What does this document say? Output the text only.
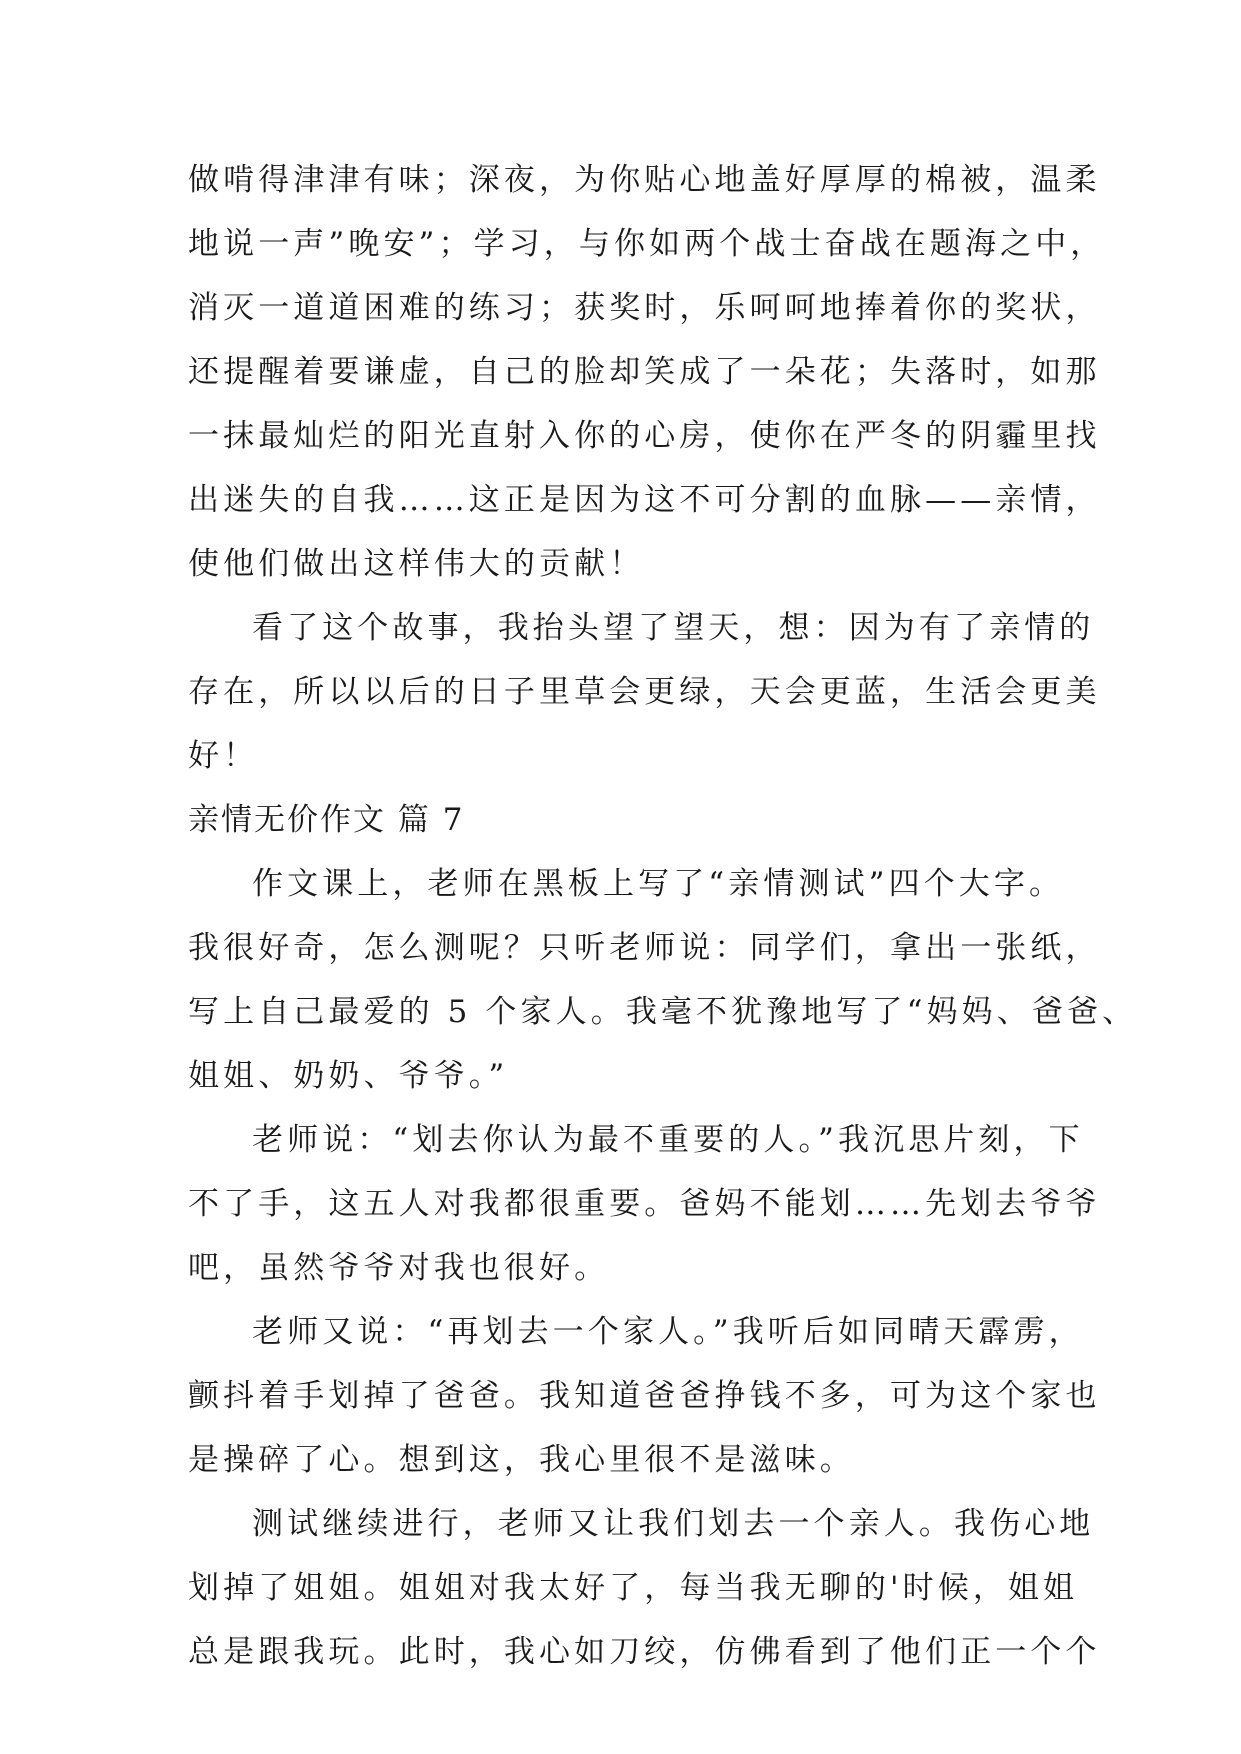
做啃得津津有味；深夜，为你贴心地盖好厚厚的棉被，温柔
地说一声”晚安”；学习，与你如两个战士奋战在题海之中，
消灭一道道困难的练习；获奖时，乐呵呵地捧着你的奖状，
还提醒着要谦虚，自己的脸却笑成了一朵花；失落时，如那
一抹最灿烂的阳光直射入你的心房，使你在严冬的阴霾里找
出迷失的自我……这正是因为这不可分割的血脉——亲情，
使他们做出这样伟大的贡献！
看了这个故事，我抬头望了望天，想：因为有了亲情的
存在，所以以后的日子里草会更绿，天会更蓝，生活会更美
好！
亲情无价作文 篇 7
作文课上，老师在黑板上写了“亲情测试”四个大字。
我很好奇，怎么测呢？只听老师说：同学们，拿出一张纸，
写上自己最爱的 5 个家人。我毫不犹豫地写了“妈妈、爸爸、
姐姐、奶奶、爷爷。”
老师说：“划去你认为最不重要的人。”我沉思片刻，下
不了手，这五人对我都很重要。爸妈不能划……先划去爷爷
吧，虽然爷爷对我也很好。
老师又说：“再划去一个家人。”我听后如同晴天霹雳，
颤抖着手划掉了爸爸。我知道爸爸挣钱不多，可为这个家也
是操碎了心。想到这，我心里很不是滋味。
测试继续进行，老师又让我们划去一个亲人。我伤心地
划掉了姐姐。姐姐对我太好了，每当我无聊的'时候，姐姐
总是跟我玩。此时，我心如刀绞，仿佛看到了他们正一个个
